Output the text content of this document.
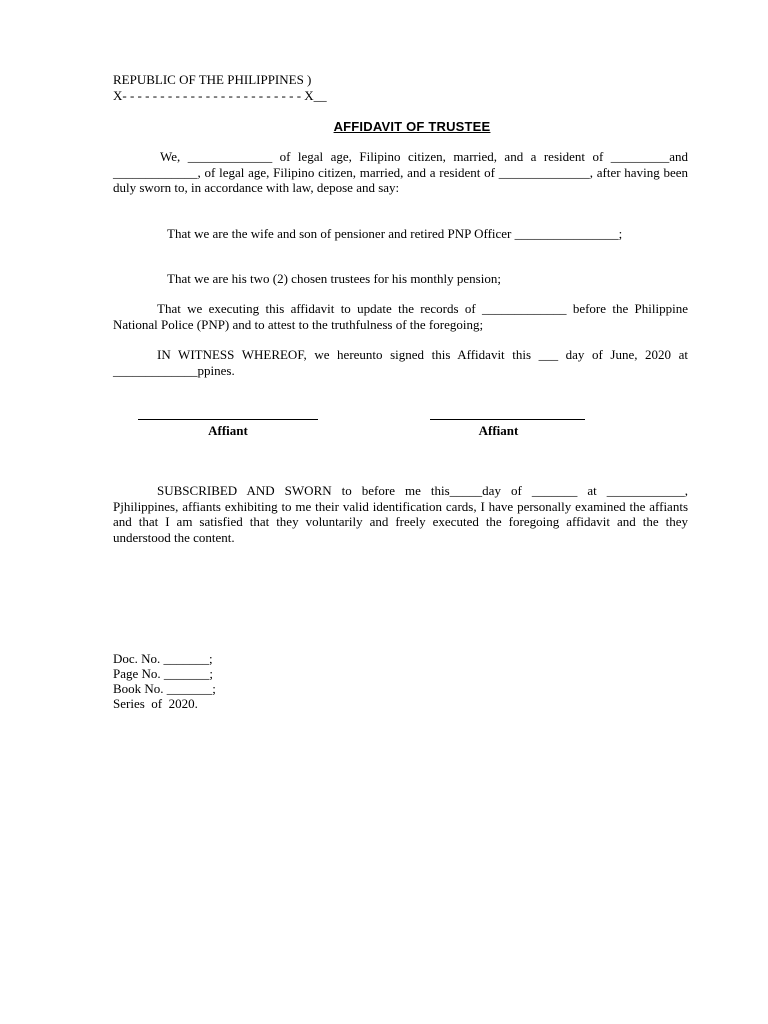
REPUBLIC OF THE PHILIPPINES )
X- - - - - - - - - - - - - - - - - - - - - - - - X__
AFFIDAVIT OF TRUSTEE
We, _____________ of legal age, Filipino citizen, married, and a resident of _________and _____________, of legal age, Filipino citizen, married, and a resident of ______________, after having been duly sworn to, in accordance with law, depose and say:
That we are the wife and son of pensioner and retired PNP Officer ________________;
That we are his two (2) chosen trustees for his monthly pension;
That we executing this affidavit to update the records of _____________ before the Philippine National Police (PNP) and to attest to the truthfulness of the foregoing;
IN WITNESS WHEREOF, we hereunto signed this Affidavit this ___ day of June, 2020 at _____________ppines.
Affiant	Affiant
SUBSCRIBED AND SWORN to before me this_____day of _______ at ____________, Pjhilippines, affiants exhibiting to me their valid identification cards, I have personally examined the affiants and that I am satisfied that they voluntarily and freely executed the foregoing affidavit and the they understood the content.
Doc. No. _______;
Page No. _______;
Book No. _______;
Series  of  2020.
